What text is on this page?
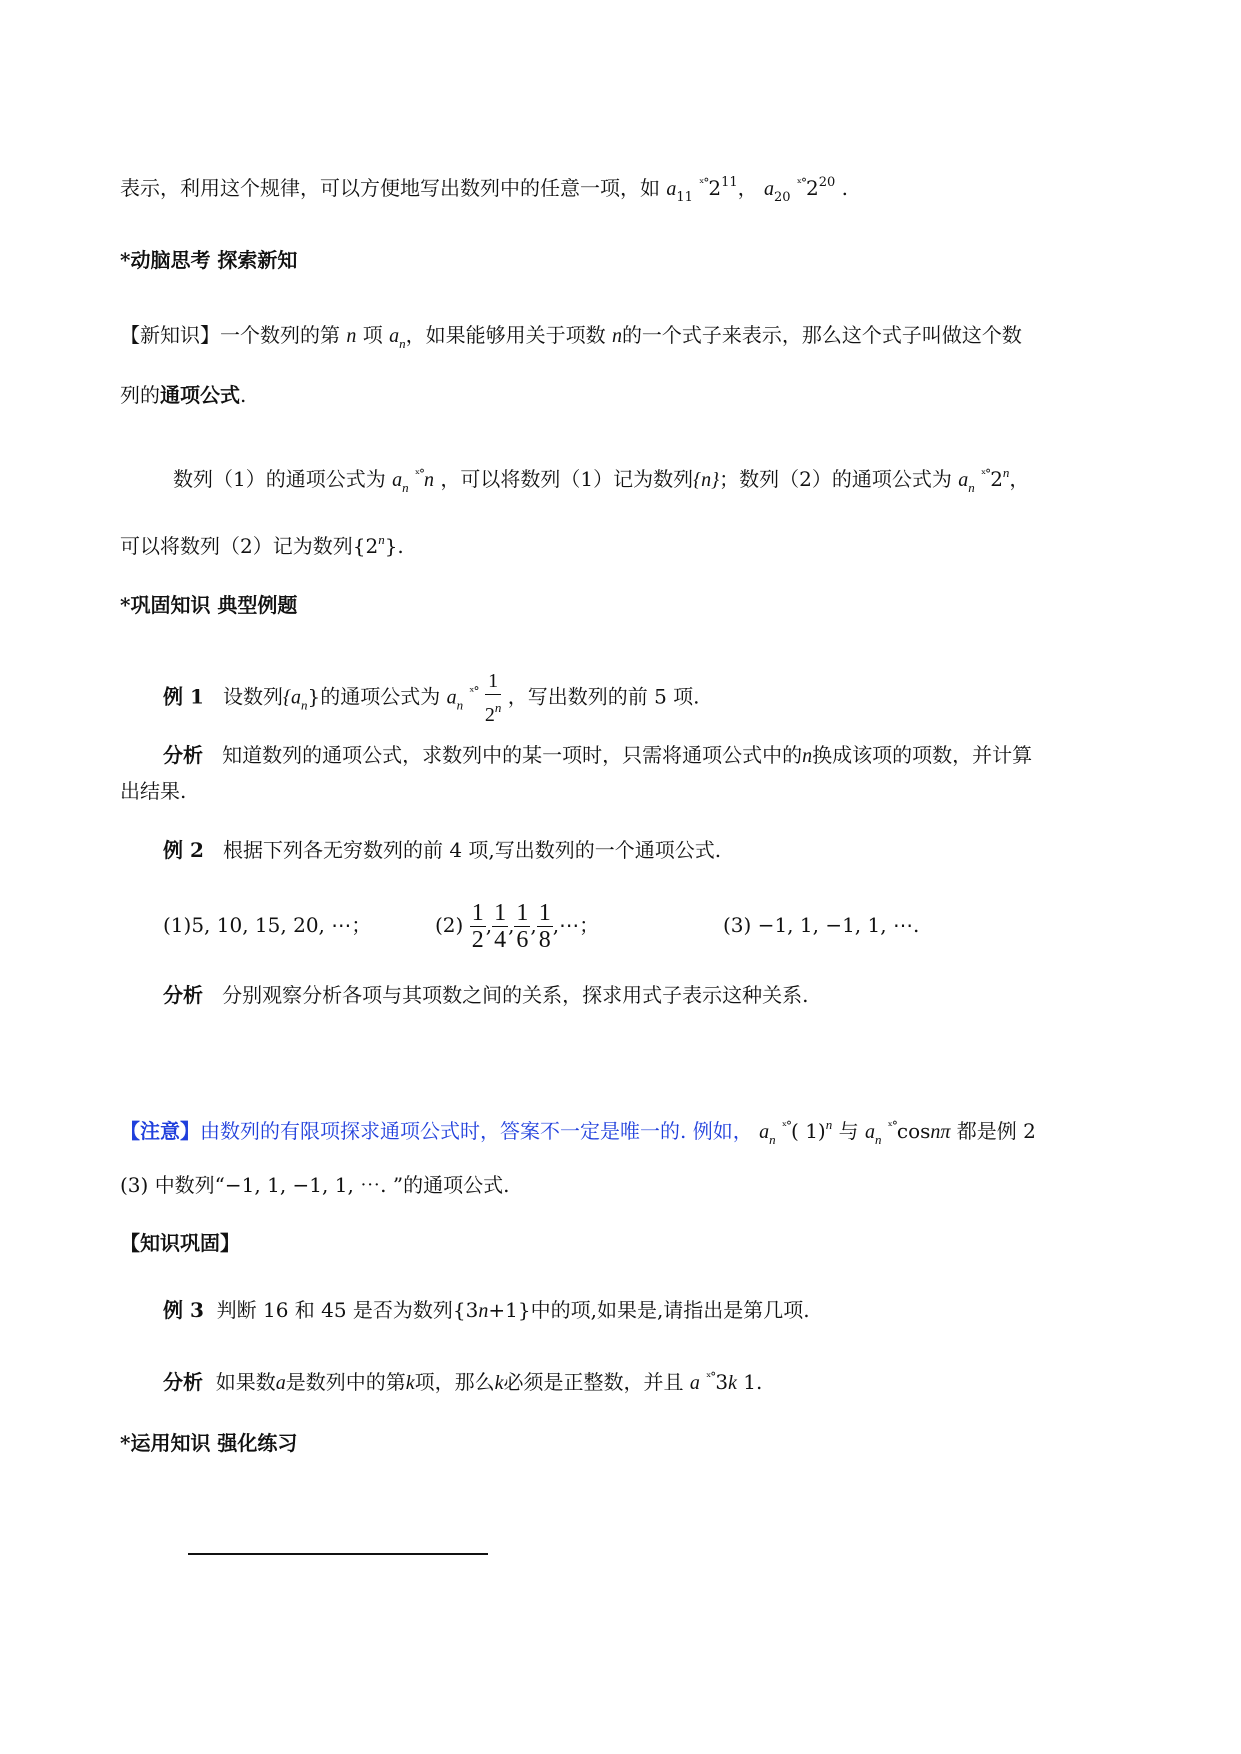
表示，利用这个规律，可以方便地写出数列中的任意一项，如 $a_{11}$ $^{ˣ^\circ}2^{11}$， $a_{20}$ $^{ˣ^\circ}2^{20}$ .
*动脑思考 探索新知
【新知识】一个数列的第 n 项 $a_n$，如果能够用关于项数 n的一个式子来表示，那么这个式子叫做这个数
列的通项公式.
数列（1）的通项公式为 $a_n$ $^{ˣ^\circ}$n ，可以将数列（1）记为数列{n}；数列（2）的通项公式为 $a_n$ $^{ˣ^\circ}$2$^n$，
可以将数列（2）记为数列{2$^n$}.
*巩固知识 典型例题
例 1 设数列$\{a_n\}$的通项公式为 $a_n$ $^{ˣ^\circ} \frac{1}{2^n}$ ，写出数列的前 5 项.
分析 知道数列的通项公式，求数列中的某一项时，只需将通项公式中的n换成该项的项数，并计算
出结果.
例 2 根据下列各无穷数列的前 4 项,写出数列的一个通项公式.
(1)5, 10, 15, 20, ⋯；	$(2) \frac{1}{2}$ , $\frac{1}{4}$ , $\frac{1}{6}$ , $\frac{1}{8}$ ,⋯；	(3) −1, 1, −1, 1, ⋯.
分析 分别观察分析各项与其项数之间的关系，探求用式子表示这种关系.
【注意】由数列的有限项探求通项公式时，答案不一定是唯一的. 例如， $a_n$ $^{ˣ^\circ}$( 1)$^n$ 与 $a_n$ $^{ˣ^\circ}$cosnπ 都是例 2
(3) 中数列“−1, 1, −1, 1, ⋯. ”的通项公式.
【知识巩固】
例 3 判断 16 和 45 是否为数列{3n+1}中的项,如果是,请指出是第几项.
分析 如果数a是数列中的第k项，那么k必须是正整数，并且 a $^{ˣ^\circ}$3k 1.
*运用知识 强化练习
